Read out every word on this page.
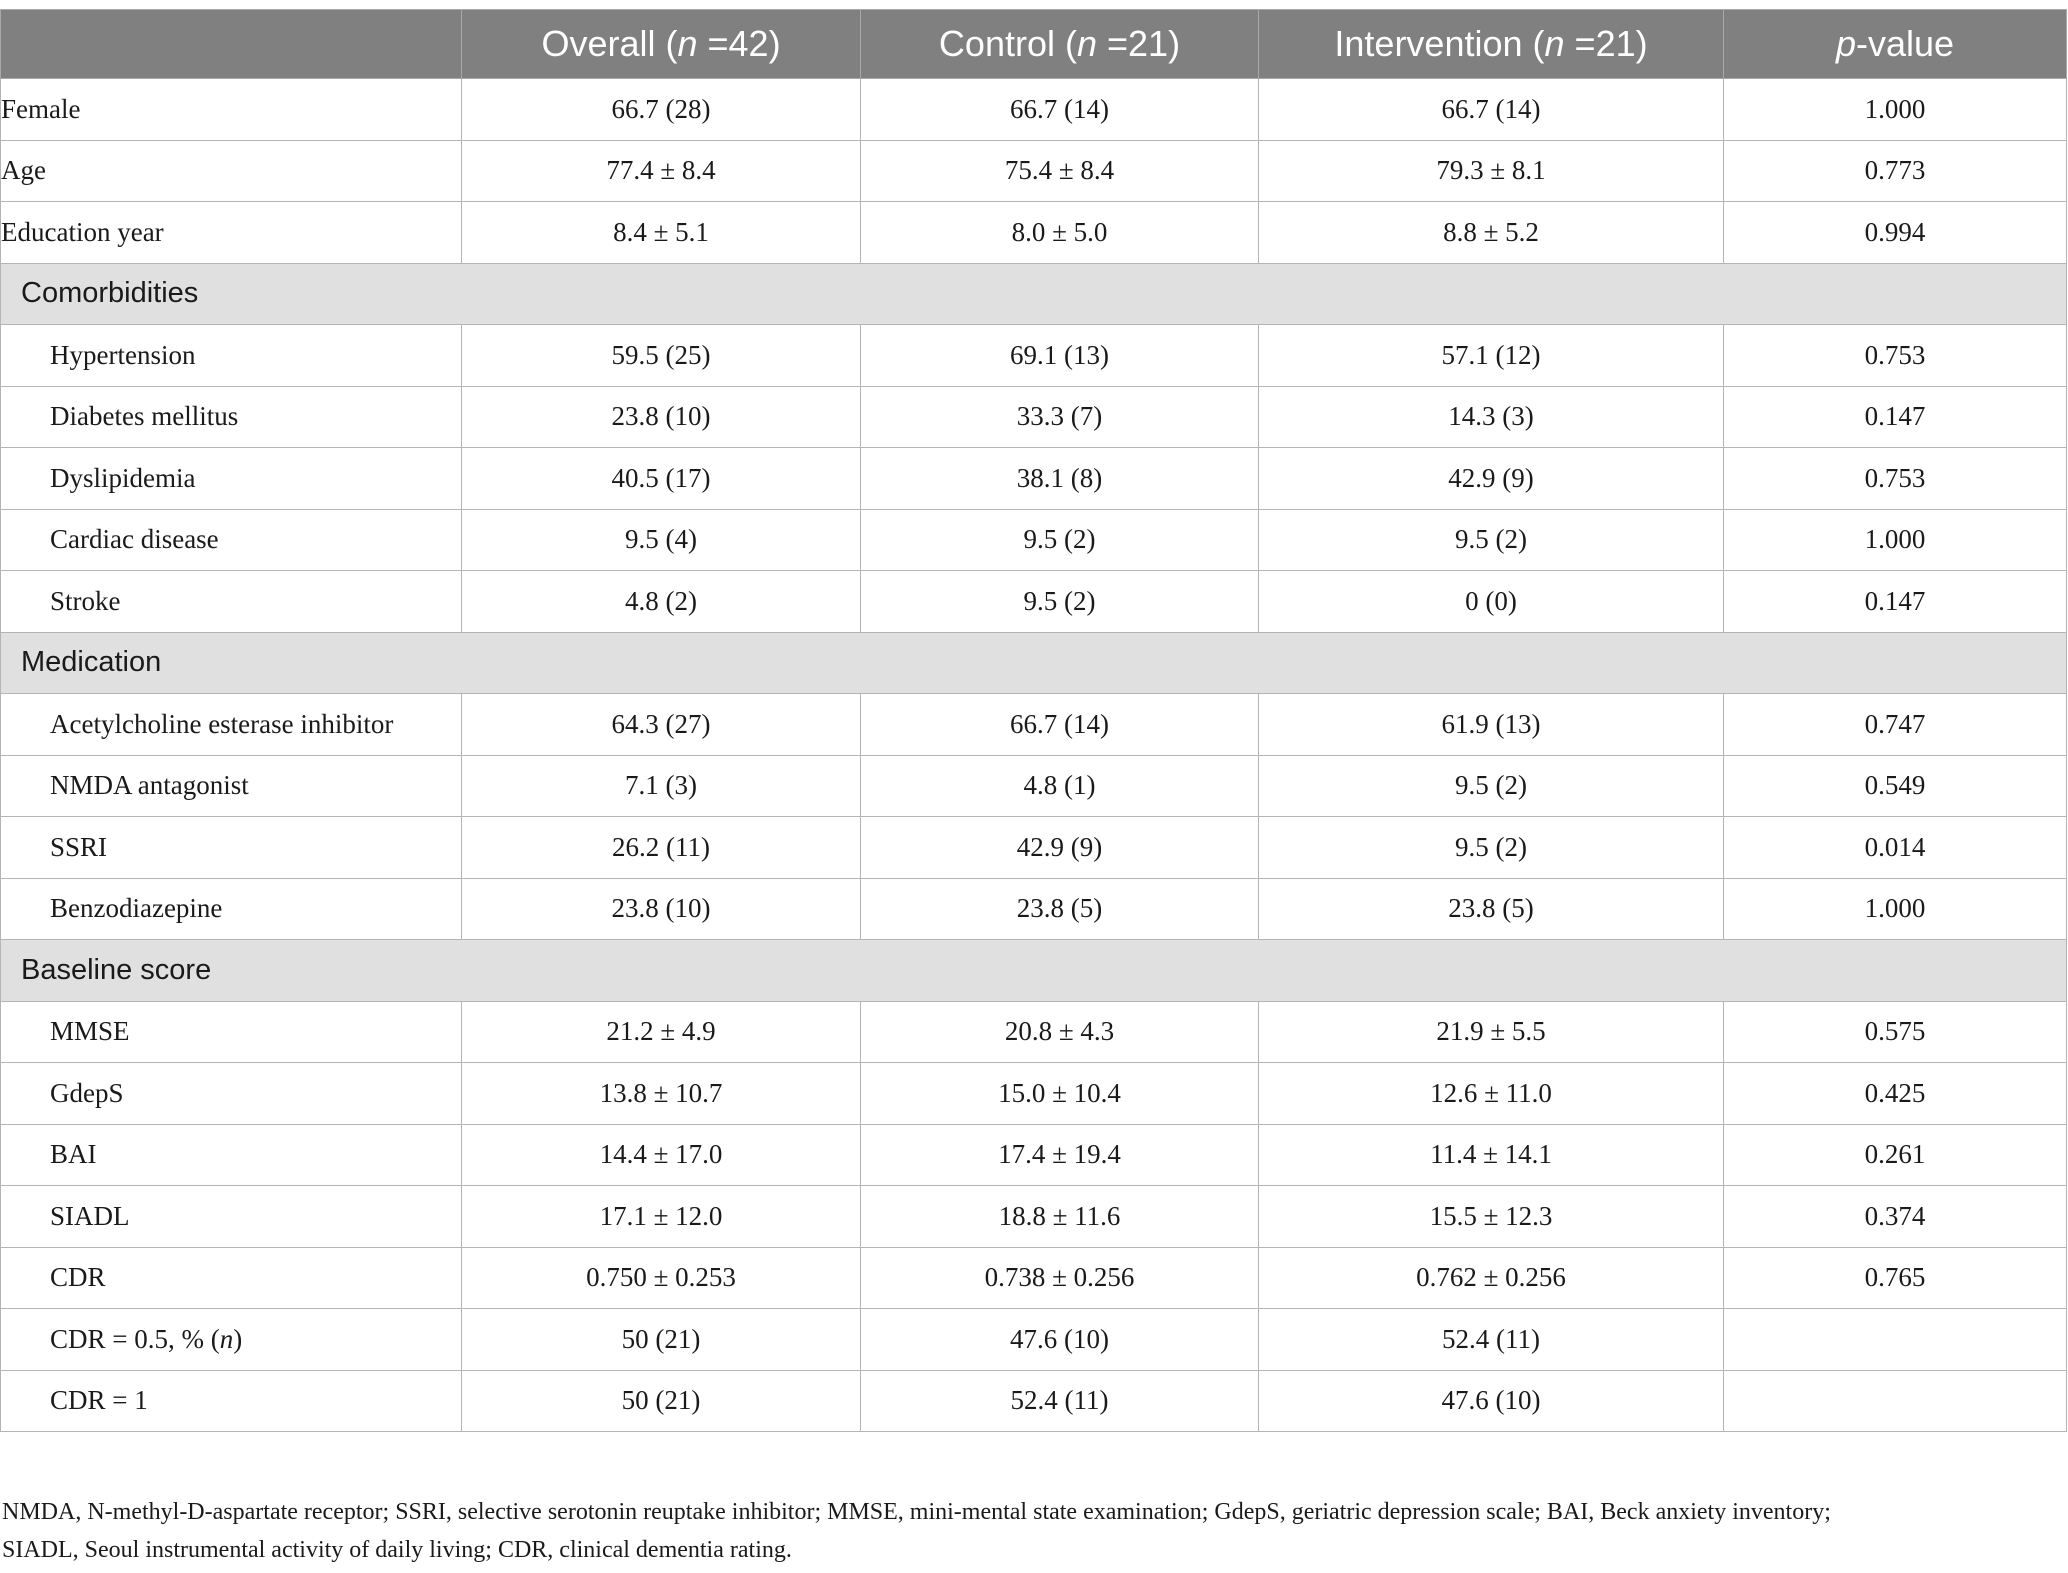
	Overall (n =42)	Control (n =21)	Intervention (n =21)	p-value
Female	66.7 (28)	66.7 (14)	66.7 (14)	1.000
Age	77.4 ± 8.4	75.4 ± 8.4	79.3 ± 8.1	0.773
Education year	8.4 ± 5.1	8.0 ± 5.0	8.8 ± 5.2	0.994
Comorbidities				
Hypertension	59.5 (25)	69.1 (13)	57.1 (12)	0.753
Diabetes mellitus	23.8 (10)	33.3 (7)	14.3 (3)	0.147
Dyslipidemia	40.5 (17)	38.1 (8)	42.9 (9)	0.753
Cardiac disease	9.5 (4)	9.5 (2)	9.5 (2)	1.000
Stroke	4.8 (2)	9.5 (2)	0 (0)	0.147
Medication				
Acetylcholine esterase inhibitor	64.3 (27)	66.7 (14)	61.9 (13)	0.747
NMDA antagonist	7.1 (3)	4.8 (1)	9.5 (2)	0.549
SSRI	26.2 (11)	42.9 (9)	9.5 (2)	0.014
Benzodiazepine	23.8 (10)	23.8 (5)	23.8 (5)	1.000
Baseline score				
MMSE	21.2 ± 4.9	20.8 ± 4.3	21.9 ± 5.5	0.575
GdepS	13.8 ± 10.7	15.0 ± 10.4	12.6 ± 11.0	0.425
BAI	14.4 ± 17.0	17.4 ± 19.4	11.4 ± 14.1	0.261
SIADL	17.1 ± 12.0	18.8 ± 11.6	15.5 ± 12.3	0.374
CDR	0.750 ± 0.253	0.738 ± 0.256	0.762 ± 0.256	0.765
CDR = 0.5, % (n)	50 (21)	47.6 (10)	52.4 (11)	
CDR = 1	50 (21)	52.4 (11)	47.6 (10)	
NMDA, N-methyl-D-aspartate receptor; SSRI, selective serotonin reuptake inhibitor; MMSE, mini-mental state examination; GdepS, geriatric depression scale; BAI, Beck anxiety inventory;
SIADL, Seoul instrumental activity of daily living; CDR, clinical dementia rating.
